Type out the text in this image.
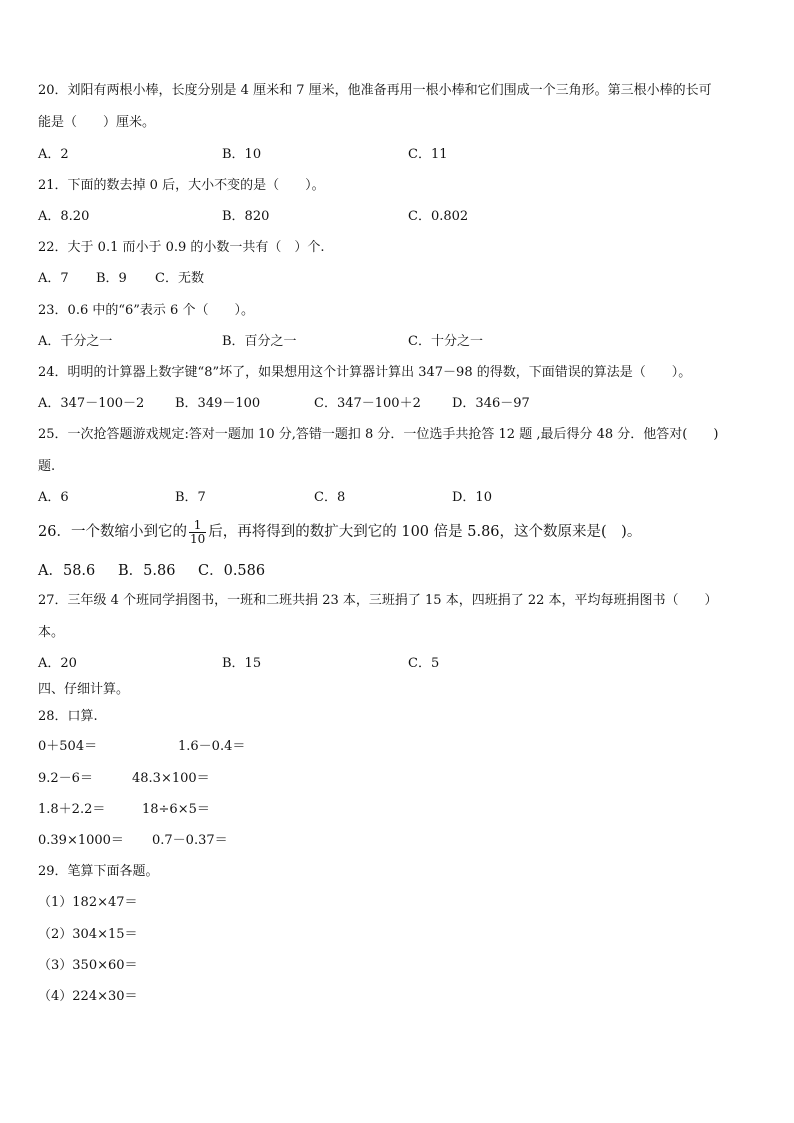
20．刘阳有两根小棒，长度分别是 4 厘米和 7 厘米，他准备再用一根小棒和它们围成一个三角形。第三根小棒的长可
能是（　　）厘米。
A．2	B．10	C．11
21．下面的数去掉 0 后，大小不变的是（　　）。
A．8.20	B．820	C．0.802
22．大于 0.1 而小于 0.9 的小数一共有（　）个.
A．7 B．9 C．无数
23．0.6 中的“6”表示 6 个（　　）。
A．千分之一	B．百分之一	C．十分之一
24．明明的计算器上数字键“8”坏了，如果想用这个计算器计算出 347－98 的得数，下面错误的算法是（　　）。
A．347－100－2 B．349－100	C．347－100＋2 D．346－97
25．一次抢答题游戏规定:答对一题加 10 分,答错一题扣 8 分．一位选手共抢答 12 题 ,最后得分 48 分．他答对(　　)
题.
A．6	B．7	C．8	D．10
26．一个数缩小到它的 $\frac{1}{10}$ 后，再将得到的数扩大到它的 100 倍是 5.86，这个数原来是(　)。
A．58.6 B．5.86 C．0.586
27．三年级 4 个班同学捐图书，一班和二班共捐 23 本，三班捐了 15 本，四班捐了 22 本，平均每班捐图书（　　）
本。
A．20	B．15	C．5
四、仔细计算。
28．口算.
0＋504＝	1.6－0.4＝
9.2－6＝	48.3×100＝
1.8＋2.2＝	18÷6×5＝
0.39×1000＝ 0.7－0.37＝
29．笔算下面各题。
（1）182×47＝
（2）304×15＝
（3）350×60＝
（4）224×30＝
